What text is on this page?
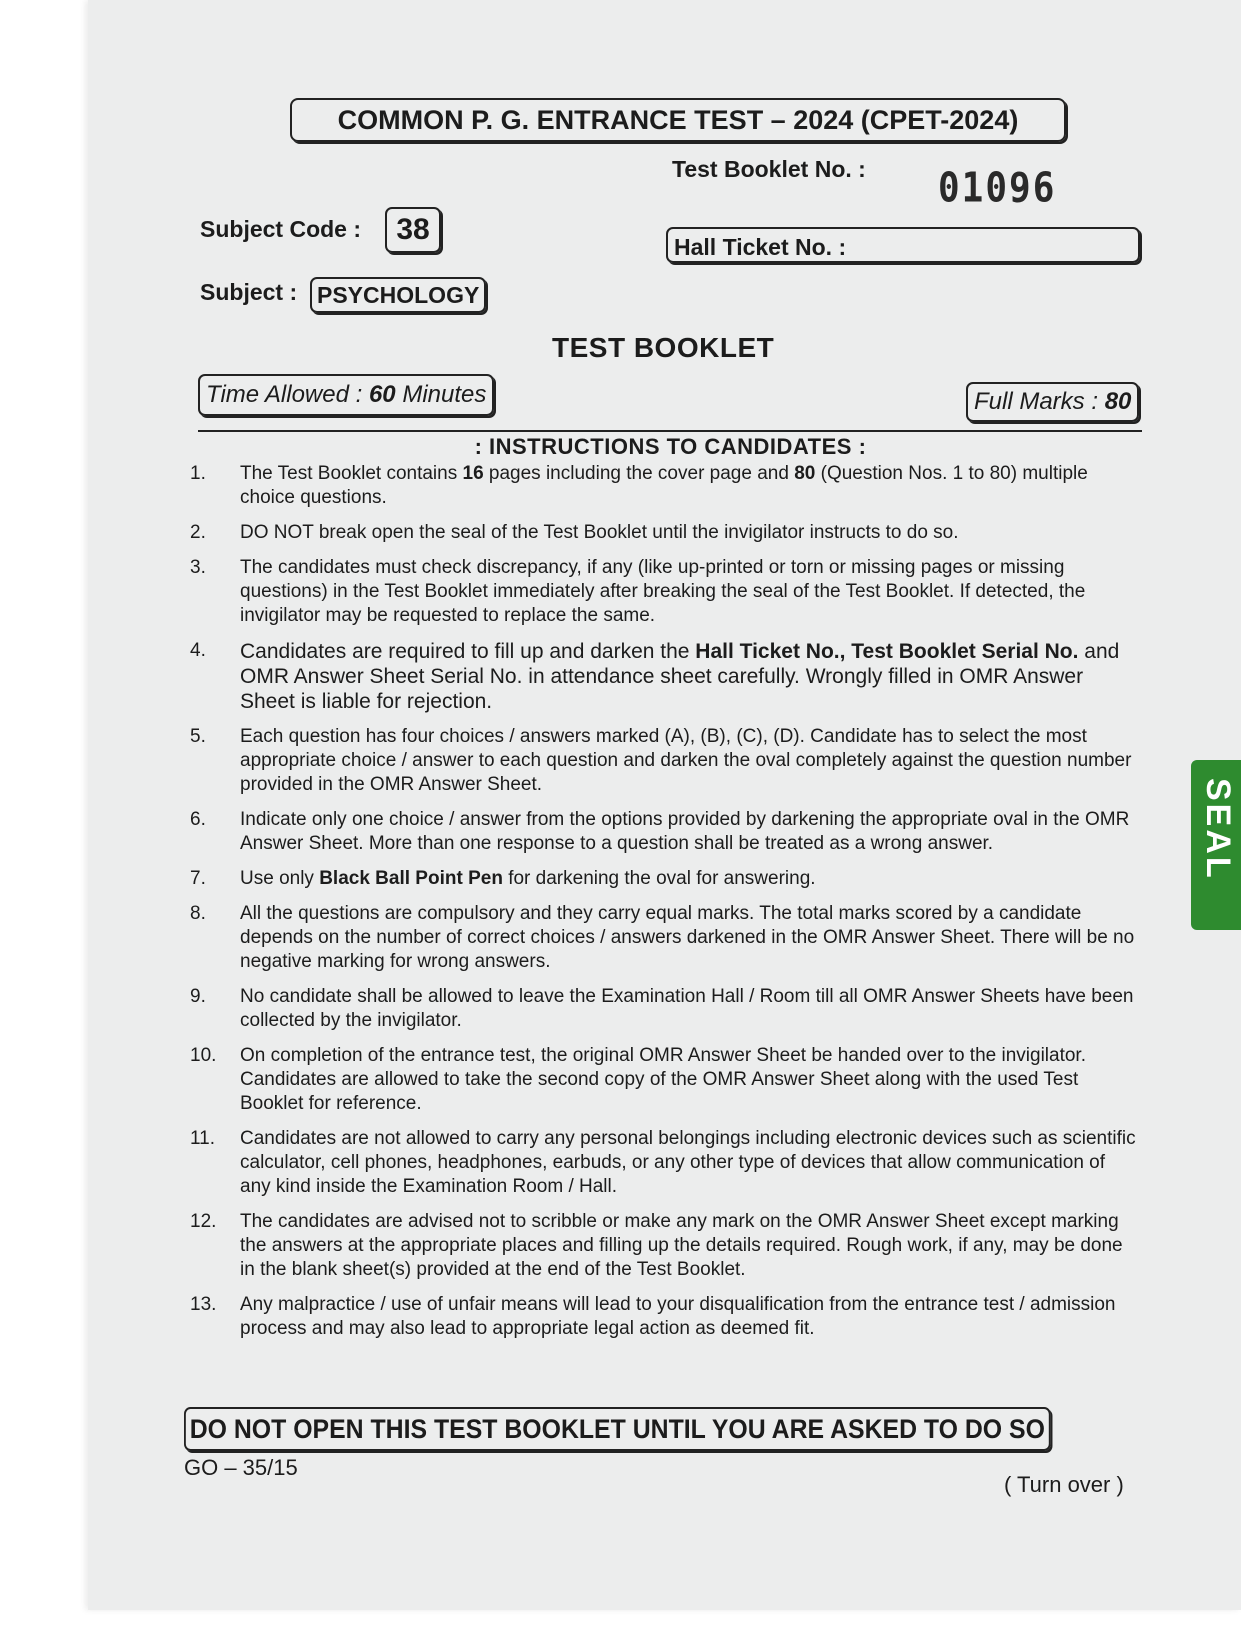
COMMON P. G. ENTRANCE TEST – 2024 (CPET-2024)
Test Booklet No. : 01096
Subject Code :	38
Hall Ticket No. :
Subject : PSYCHOLOGY
TEST BOOKLET
Time Allowed : 60 Minutes	Full Marks : 80
: INSTRUCTIONS TO CANDIDATES :
1.	The Test Booklet contains 16 pages including the cover page and 80 (Question Nos. 1 to 80) multiple choice questions.
2.	DO NOT break open the seal of the Test Booklet until the invigilator instructs to do so.
3.	The candidates must check discrepancy, if any (like up-printed or torn or missing pages or missing questions) in the Test Booklet immediately after breaking the seal of the Test Booklet. If detected, the invigilator may be requested to replace the same.
4.	Candidates are required to fill up and darken the Hall Ticket No., Test Booklet Serial No. and OMR Answer Sheet Serial No. in attendance sheet carefully. Wrongly filled in OMR Answer Sheet is liable for rejection.
5.	Each question has four choices / answers marked (A), (B), (C), (D). Candidate has to select the most appropriate choice / answer to each question and darken the oval completely against the question number provided in the OMR Answer Sheet.
6.	Indicate only one choice / answer from the options provided by darkening the appropriate oval in the OMR Answer Sheet. More than one response to a question shall be treated as a wrong answer.
7.	Use only Black Ball Point Pen for darkening the oval for answering.
8.	All the questions are compulsory and they carry equal marks. The total marks scored by a candidate depends on the number of correct choices / answers darkened in the OMR Answer Sheet. There will be no negative marking for wrong answers.
9.	No candidate shall be allowed to leave the Examination Hall / Room till all OMR Answer Sheets have been collected by the invigilator.
10.	On completion of the entrance test, the original OMR Answer Sheet be handed over to the invigilator. Candidates are allowed to take the second copy of the OMR Answer Sheet along with the used Test Booklet for reference.
11.	Candidates are not allowed to carry any personal belongings including electronic devices such as scientific calculator, cell phones, headphones, earbuds, or any other type of devices that allow communication of any kind inside the Examination Room / Hall.
12.	The candidates are advised not to scribble or make any mark on the OMR Answer Sheet except marking the answers at the appropriate places and filling up the details required. Rough work, if any, may be done in the blank sheet(s) provided at the end of the Test Booklet.
13.	Any malpractice / use of unfair means will lead to your disqualification from the entrance test / admission process and may also lead to appropriate legal action as deemed fit.
DO NOT OPEN THIS TEST BOOKLET UNTIL YOU ARE ASKED TO DO SO
GO – 35/15
( Turn over )
SEAL
